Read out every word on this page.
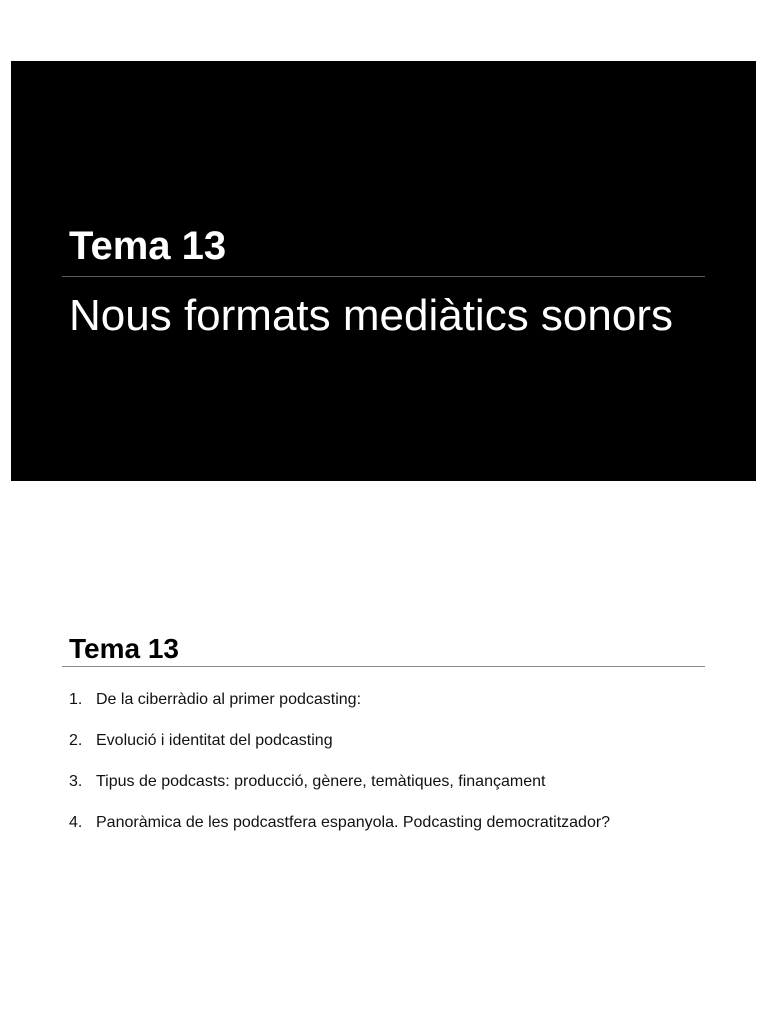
Tema 13
Nous formats mediàtics sonors
Tema 13
1. De la ciberràdio al primer podcasting:
2. Evolució i identitat del podcasting
3. Tipus de podcasts: producció, gènere, temàtiques, finançament
4. Panoràmica de les podcastfera espanyola. Podcasting democratitzador?
